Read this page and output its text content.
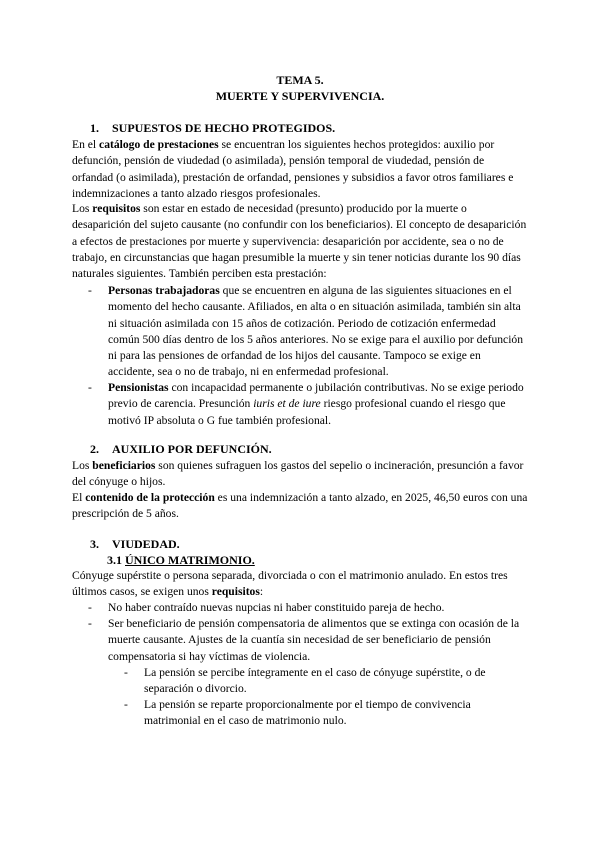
TEMA 5.
MUERTE Y SUPERVIVENCIA.
1. SUPUESTOS DE HECHO PROTEGIDOS.

En el catálogo de prestaciones se encuentran los siguientes hechos protegidos: auxilio por defunción, pensión de viudedad (o asimilada), pensión temporal de viudedad, pensión de orfandad (o asimilada), prestación de orfandad, pensiones y subsidios a favor otros familiares e indemnizaciones a tanto alzado riesgos profesionales.

Los requisitos son estar en estado de necesidad (presunto) producido por la muerte o desaparición del sujeto causante (no confundir con los beneficiarios). El concepto de desaparición a efectos de prestaciones por muerte y supervivencia: desaparición por accidente, sea o no de trabajo, en circunstancias que hagan presumible la muerte y sin tener noticias durante los 90 días naturales siguientes. También perciben esta prestación:

- Personas trabajadoras que se encuentren en alguna de las siguientes situaciones en el momento del hecho causante. Afiliados, en alta o en situación asimilada, también sin alta ni situación asimilada con 15 años de cotización. Periodo de cotización enfermedad común 500 días dentro de los 5 años anteriores. No se exige para el auxilio por defunción ni para las pensiones de orfandad de los hijos del causante. Tampoco se exige en accidente, sea o no de trabajo, ni en enfermedad profesional.
- Pensionistas con incapacidad permanente o jubilación contributivas. No se exige periodo previo de carencia. Presunción iuris et de iure riesgo profesional cuando el riesgo que motivó IP absoluta o G fue también profesional.
2. AUXILIO POR DEFUNCIÓN.

Los beneficiarios son quienes sufraguen los gastos del sepelio o incineración, presunción a favor del cónyuge o hijos.

El contenido de la protección es una indemnización a tanto alzado, en 2025, 46,50 euros con una prescripción de 5 años.

3. VIUDEDAD.
3.1 ÚNICO MATRIMONIO.

Cónyuge supérstite o persona separada, divorciada o con el matrimonio anulado. En estos tres últimos casos, se exigen unos requisitos:

- No haber contraído nuevas nupcias ni haber constituido pareja de hecho.
- Ser beneficiario de pensión compensatoria de alimentos que se extinga con ocasión de la muerte causante. Ajustes de la cuantía sin necesidad de ser beneficiario de pensión compensatoria si hay víctimas de violencia.
- La pensión se percibe íntegramente en el caso de cónyuge supérstite, o de separación o divorcio.
- La pensión se reparte proporcionalmente por el tiempo de convivencia matrimonial en el caso de matrimonio nulo.
